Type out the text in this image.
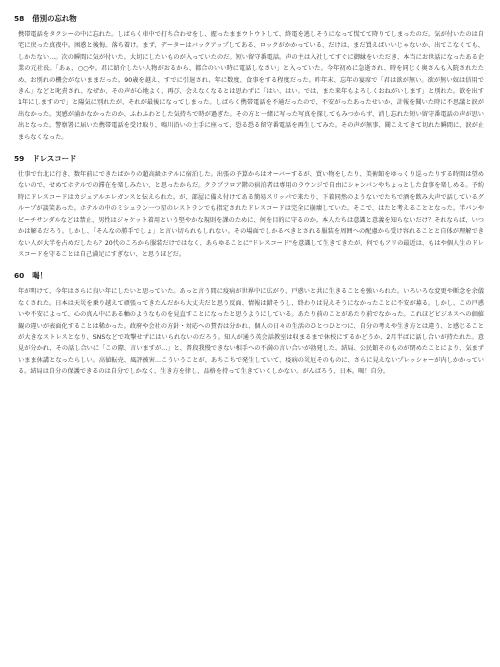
58 借別の忘れ物

携帯電話をタクシーの中に忘れた。しばらく車中で打ち合わせをし、握ったままウトウトして、終電を逃しそうになって慌てて降りてしまったのだ。気が付いたのは自宅に戻った真夜中。困惑と後悔。落ち着け。まず、データーはバックアップしてある、ロックがかかっている、だけは、まだ買えばいいじゃないか、出てこなくても、しかたない…。次の瞬間に気が付いた。大切にしたいものが入っていたのだ。短い留守番電話。声の主は入社してすぐに御縁をいただき、本当にお世話になったある企業の元社長。「あぁ、○○や。君に紹介したい人物がおるから、都合のいい時に電話しなさい」と入っていた。今年初めに急逝され、時を同じく奥さんも入院されたため、お別れの機会がないままだった。90歳を越え、すでに引退され、年に数度、食事をする程度だった。昨年末、忘年の宴席で「君は欲が無い。欲が無い奴は信用できん」などと叱責され、なぜか、その声が心地よく、再び、会えなくなるとは思わずに「はい、はい。では、また来年もよろしくおねがいします」と別れた。欲を出す1年にしますので」と陽気に別れたが、それが最後になってしまった。しばらく携帯電話を不通だったので、不安がったあったせいか、計報を聞いた時に不思議と涙が出なかった。実感が涌かなかったのか、ふわふわとした気持ちで時が過ぎた。その方と一緒に写った写真を探してもみつからず、消し忘れた短い留守番電話の声が思い出となった。警察署に届いた携帯電話を受け取り、鳴川沿いの土手に座って、恐る恐る留守番電話を再生してみた。その声が無事、聞こえてきて切れた瞬間に、涙が止まらなくなった。

59 ドレスコード

仕事で台北に行き、数年前にできたばかりの超高級ホテルに宿泊した。出張の予算からはオーバーするが、買い物をしたり、美術館をゆっくり巡ったりする時間は望めないので、せめてホテルでの滞在を楽しみたい、と思ったからだ。クラブフロア階の宿泊者は専用のラウンジで自由にシャンパンやちょっとした食事を楽しめる。予約時にドレスコードはカジュアルエレガンスと伝えられた。が、部屋に備え付けてある簡易スリッパで来たり、下着同然のようないでたちで酒を飲み大声で話しているグループが談笑あった。ホテルの中のミシュラン一つ星のレストランでも指定されたドレスコードは完全に崩壊していた。そこで、はたと考えることとなった。半パンやビーチサンダルなどは禁止、男性はジャケット着用という堅やかな規則を課のために、何を目的に守るのか。本人たちは意識と意義を知らないだけ？それならば、いつかは解るだろう。しかし、「そんなの勝手でしょ」と言い切られもしれない。その場面でしかるべきとされる服装を周囲への配慮から受け容れることと自体が理解できない人が大半を占めだしたら？20代のころから服装だけではなく、あらゆることに"ドレスコード"を意識して生きてきたが、何でもアリの最近は、もはや個人生のドレスコードを守ることは自己満足にすぎない、と思うほどだ。

60 喝！

年が明けて、今年はさらに良い年にしたいと思っていた。あっと言う間に疫病が世界中に広がり、戸惑いと共に生きることを強いられた。いろいろな変更や断念を余儀なくされた。日本は天災を乗り越えて頑張ってきたんだから大丈夫だと思う反面、情報は錯そうし、終わりは見えそうになかったことに不安が募る。しかし、この戸惑いや不安によって、心の真ん中にある軸のようなものを見直すことになったと思うようにしている。あたり前のことがあたり前でなかった。これほどビジネスへの価値観の違いが表面化することは稀かった。政府や会社の方針・対応への賛否は分かれ、個人の日々の生活のひとつひとつに、自分の考えや生き方とは違う、と感じることが大きなストレスとなり、SNSなどで攻撃せずにはいられないのだろう。知人が通う英会話教室は収まるまで休校にするかどうか、2月半ばに話し合いが持たれた。意見が分かれ、その話し合いに「この際、言いますが…」と、普段我慢できない相手への不満の言い合いが勃発した。結局、公民館そのものが閉めたことにより、気まずいまま休講となったらしい。高値転売、風評被害…こういうことが、あちこちで発生していて、疫病の災厄そのものに、さらに見えないプレッシャーが内しかかっている。結局は自分の保護できるのは自分でしかなく、生き方を律し、品格を持って生きていくしかない。がんばろう、日本。喝！自分。
